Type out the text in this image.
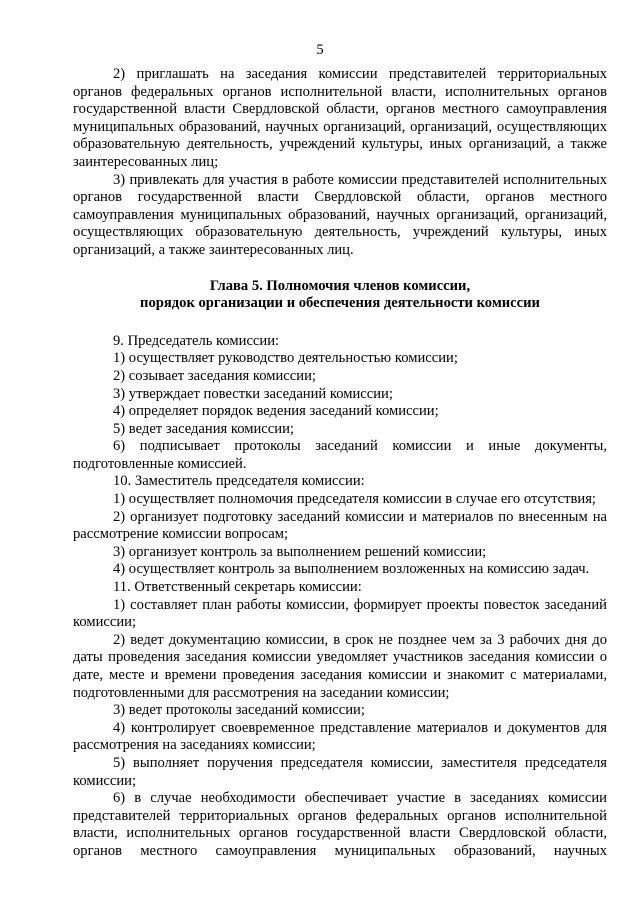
5

2) приглашать на заседания комиссии представителей территориальных органов федеральных органов исполнительной власти, исполнительных органов государственной власти Свердловской области, органов местного самоуправления муниципальных образований, научных организаций, организаций, осуществляющих образовательную деятельность, учреждений культуры, иных организаций, а также заинтересованных лиц;

3) привлекать для участия в работе комиссии представителей исполнительных органов государственной власти Свердловской области, органов местного самоуправления муниципальных образований, научных организаций, организаций, осуществляющих образовательную деятельность, учреждений культуры, иных организаций, а также заинтересованных лиц.

Глава 5. Полномочия членов комиссии,
порядок организации и обеспечения деятельности комиссии

9. Председатель комиссии:

1) осуществляет руководство деятельностью комиссии;

2) созывает заседания комиссии;

3) утверждает повестки заседаний комиссии;

4) определяет порядок ведения заседаний комиссии;

5) ведет заседания комиссии;

6) подписывает протоколы заседаний комиссии и иные документы, подготовленные комиссией.

10. Заместитель председателя комиссии:

1) осуществляет полномочия председателя комиссии в случае его отсутствия;

2) организует подготовку заседаний комиссии и материалов по внесенным на рассмотрение комиссии вопросам;

3) организует контроль за выполнением решений комиссии;

4) осуществляет контроль за выполнением возложенных на комиссию задач.

11. Ответственный секретарь комиссии:

1) составляет план работы комиссии, формирует проекты повесток заседаний комиссии;

2) ведет документацию комиссии, в срок не позднее чем за 3 рабочих дня до даты проведения заседания комиссии уведомляет участников заседания комиссии о дате, месте и времени проведения заседания комиссии и знакомит с материалами, подготовленными для рассмотрения на заседании комиссии;

3) ведет протоколы заседаний комиссии;

4) контролирует своевременное представление материалов и документов для рассмотрения на заседаниях комиссии;

5) выполняет поручения председателя комиссии, заместителя председателя комиссии;

6) в случае необходимости обеспечивает участие в заседаниях комиссии представителей территориальных органов федеральных органов исполнительной власти, исполнительных органов государственной власти Свердловской области, органов местного самоуправления муниципальных образований, научных
